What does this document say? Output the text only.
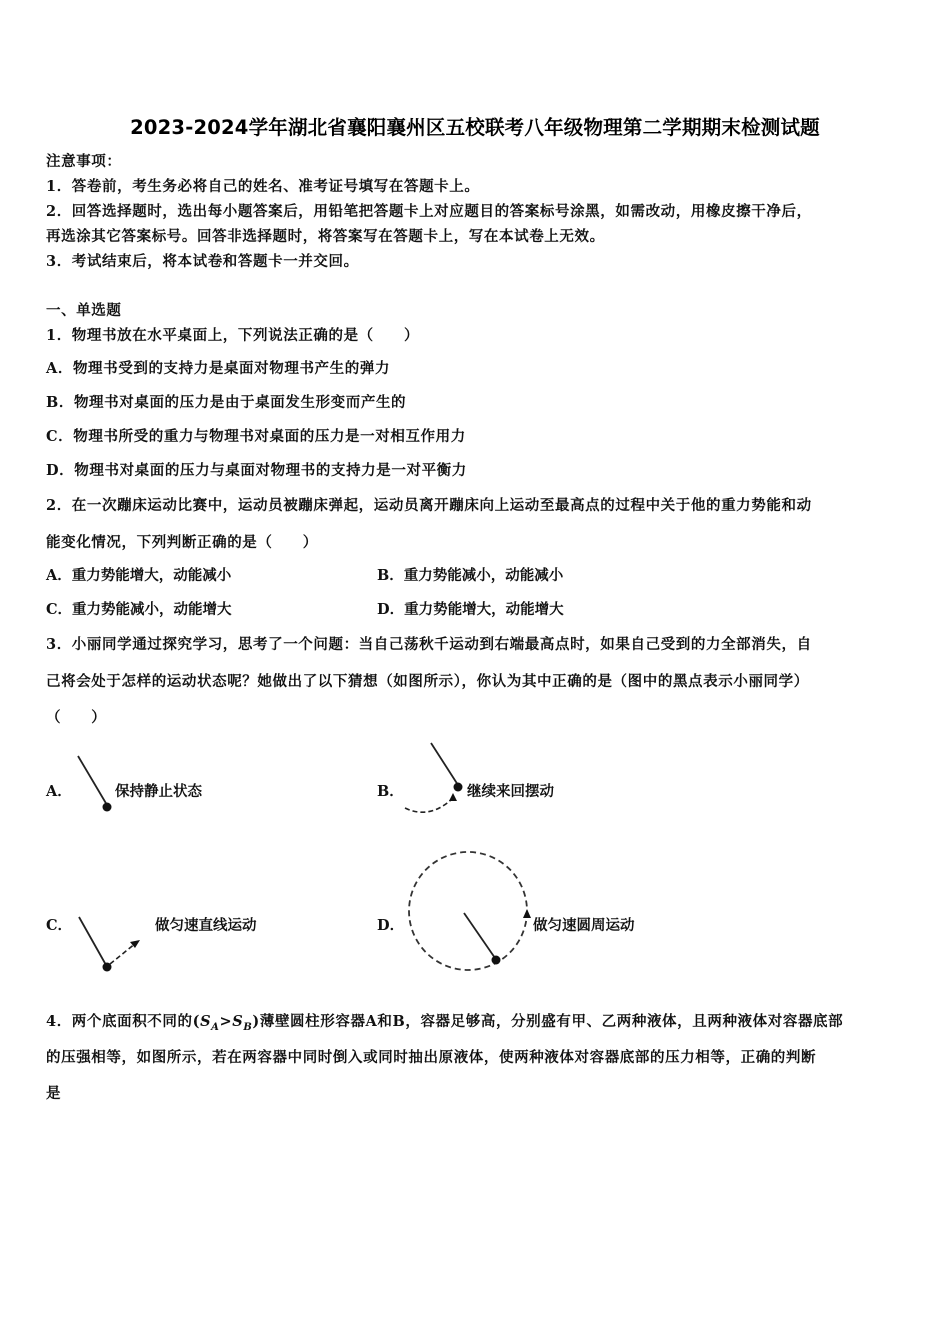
2023-2024学年湖北省襄阳襄州区五校联考八年级物理第二学期期末检测试题
注意事项：
1．答卷前，考生务必将自己的姓名、准考证号填写在答题卡上。
2．回答选择题时，选出每小题答案后，用铅笔把答题卡上对应题目的答案标号涂黑，如需改动，用橡皮擦干净后，
再选涂其它答案标号。回答非选择题时，将答案写在答题卡上，写在本试卷上无效。
3．考试结束后，将本试卷和答题卡一并交回。
一、单选题
1．物理书放在水平桌面上，下列说法正确的是（　　）
A．物理书受到的支持力是桌面对物理书产生的弹力
B．物理书对桌面的压力是由于桌面发生形变而产生的
C．物理书所受的重力与物理书对桌面的压力是一对相互作用力
D．物理书对桌面的压力与桌面对物理书的支持力是一对平衡力
2．在一次蹦床运动比赛中，运动员被蹦床弹起，运动员离开蹦床向上运动至最高点的过程中关于他的重力势能和动
能变化情况，下列判断正确的是（　　）
A．重力势能增大，动能减小	B．重力势能减小，动能减小
C．重力势能减小，动能增大	D．重力势能增大，动能增大
3．小丽同学通过探究学习，思考了一个问题：当自己荡秋千运动到右端最高点时，如果自己受到的力全部消失，自
己将会处于怎样的运动状态呢？她做出了以下猜想（如图所示），你认为其中正确的是（图中的黑点表示小丽同学）
（　　）
A．	保持静止状态	B．	继续来回摆动
C．	做匀速直线运动	D．	做匀速圆周运动
4．两个底面积不同的$(S_A>S_B)$薄壁圆柱形容器A和B，容器足够高，分别盛有甲、乙两种液体，且两种液体对容器底部
的压强相等，如图所示，若在两容器中同时倒入或同时抽出原液体，使两种液体对容器底部的压力相等，正确的判断
是
